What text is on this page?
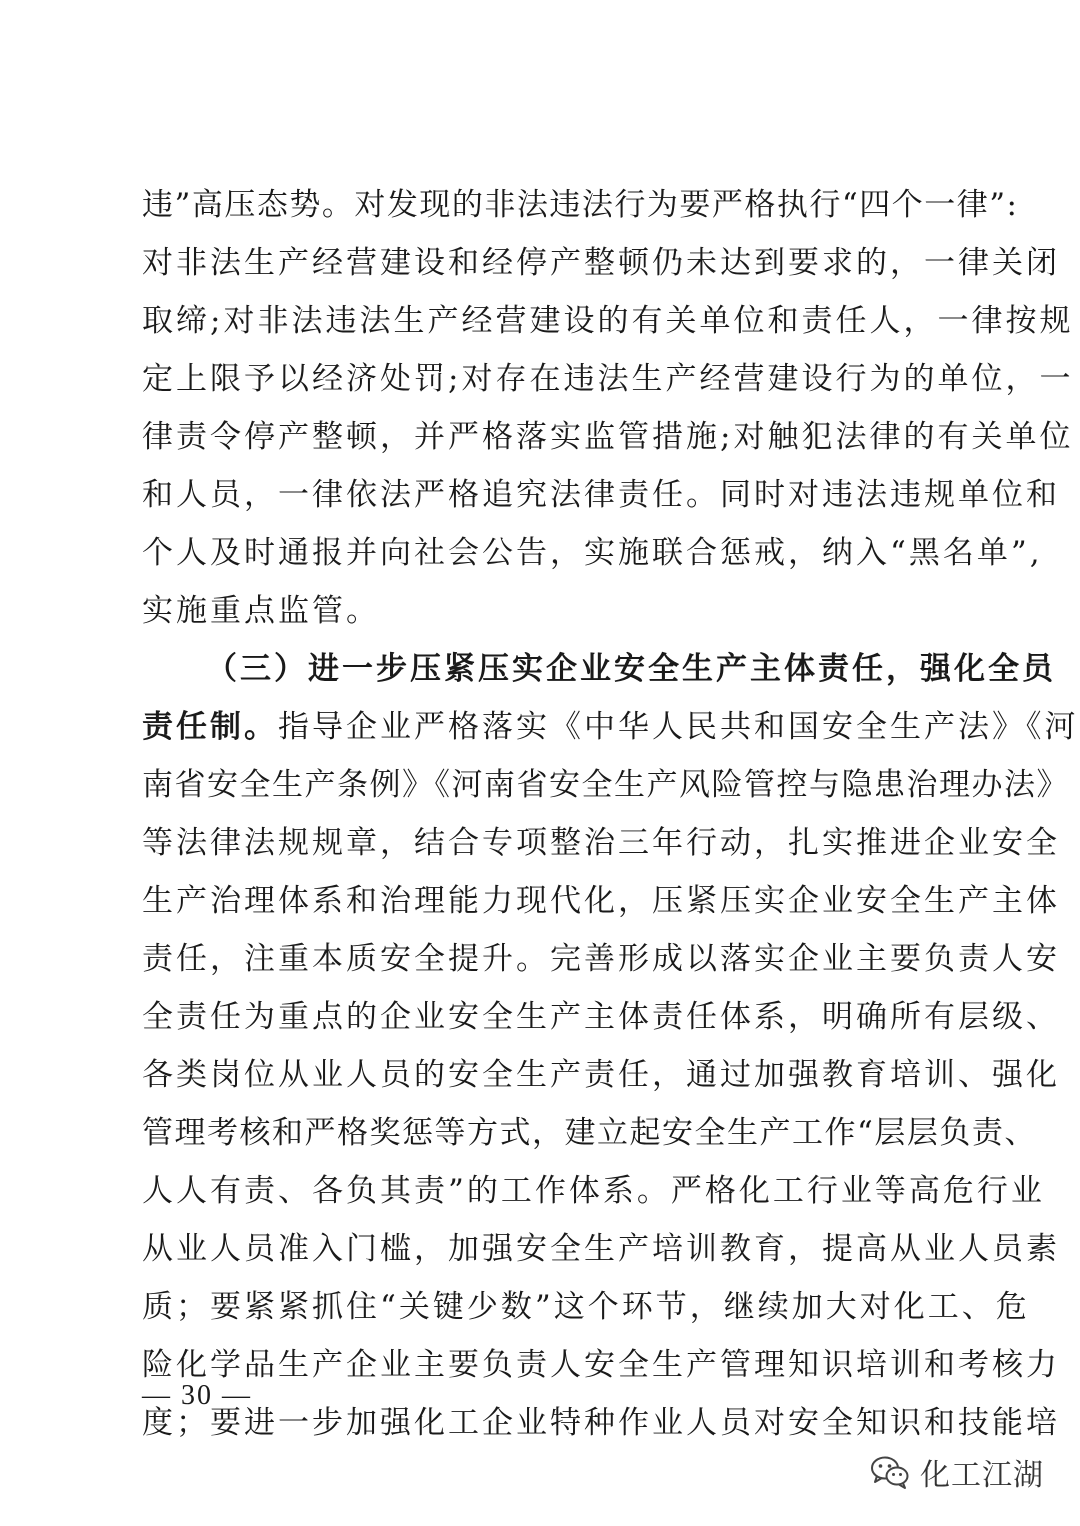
违”高压态势。对发现的非法违法行为要严格执行“四个一律”:
对非法生产经营建设和经停产整顿仍未达到要求的，一律关闭
取缔;对非法违法生产经营建设的有关单位和责任人，一律按规
定上限予以经济处罚;对存在违法生产经营建设行为的单位，一
律责令停产整顿，并严格落实监管措施;对触犯法律的有关单位
和人员，一律依法严格追究法律责任。同时对违法违规单位和
个人及时通报并向社会公告，实施联合惩戒，纳入“黑名单”,
实施重点监管。
（三）进一步压紧压实企业安全生产主体责任，强化全员
责任制。指导企业严格落实《中华人民共和国安全生产法》《河
南省安全生产条例》《河南省安全生产风险管控与隐患治理办法》
等法律法规规章，结合专项整治三年行动，扎实推进企业安全
生产治理体系和治理能力现代化，压紧压实企业安全生产主体
责任，注重本质安全提升。完善形成以落实企业主要负责人安
全责任为重点的企业安全生产主体责任体系，明确所有层级、
各类岗位从业人员的安全生产责任，通过加强教育培训、强化
管理考核和严格奖惩等方式，建立起安全生产工作“层层负责、
人人有责、各负其责”的工作体系。严格化工行业等高危行业
从业人员准入门槛，加强安全生产培训教育，提高从业人员素
质；要紧紧抓住“关键少数”这个环节，继续加大对化工、危
险化学品生产企业主要负责人安全生产管理知识培训和考核力
度；要进一步加强化工企业特种作业人员对安全知识和技能培
— 30 —
化工江湖
